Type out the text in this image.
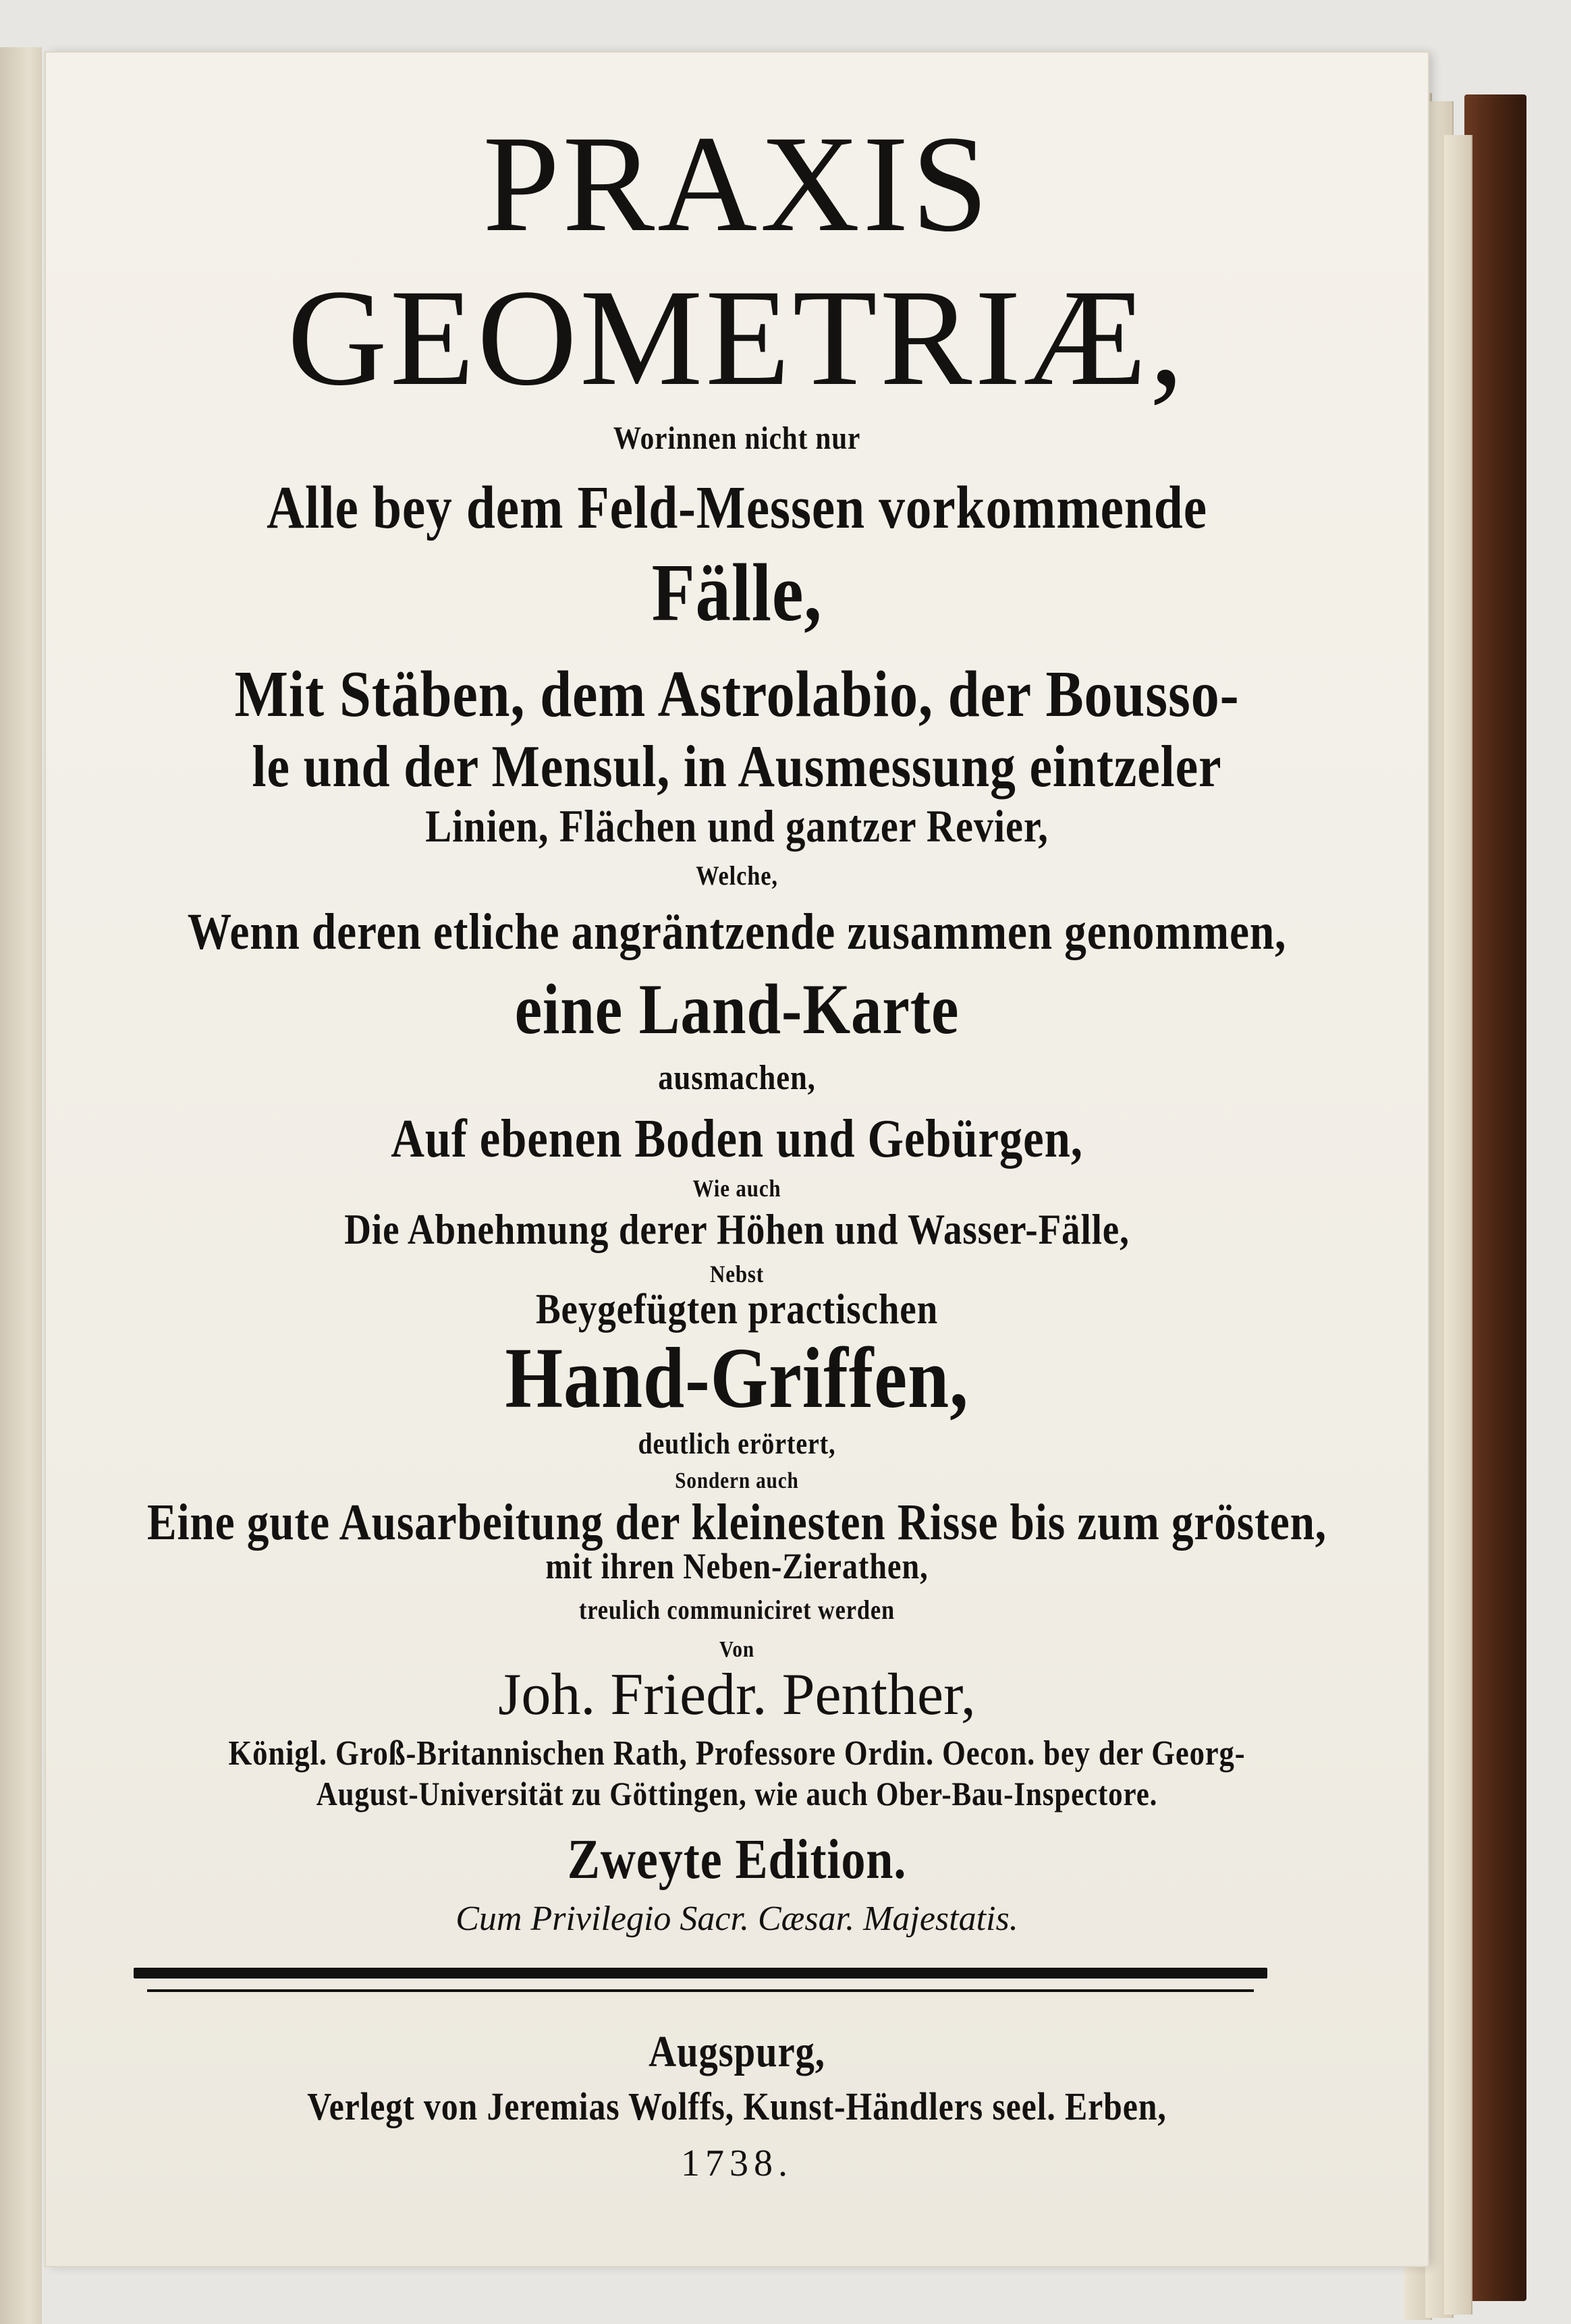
PRAXIS
GEOMETRIÆ,
Worinnen nicht nur
Alle bey dem Feld-Messen vorkommende
Fälle,
Mit Stäben, dem Astrolabio, der Bousso-
le und der Mensul, in Ausmessung eintzeler
Linien, Flächen und gantzer Revier,
Welche,
Wenn deren etliche angräntzende zusammen genommen,
eine Land-Karte
ausmachen,
Auf ebenen Boden und Gebürgen,
Wie auch
Die Abnehmung derer Höhen und Wasser-Fälle,
Nebst
Beygefügten practischen
Hand-Griffen,
deutlich erörtert,
Sondern auch
Eine gute Ausarbeitung der kleinesten Risse bis zum grösten,
mit ihren Neben-Zierathen,
treulich communiciret werden
Von
Joh. Friedr. Penther,
Königl. Groß-Britannischen Rath, Professore Ordin. Oecon. bey der Georg-
August-Universität zu Göttingen, wie auch Ober-Bau-Inspectore.
Zweyte Edition.
Cum Privilegio Sacr. Cæsar. Majestatis.
Augspurg,
Verlegt von Jeremias Wolffs, Kunst-Händlers seel. Erben,
1738.
